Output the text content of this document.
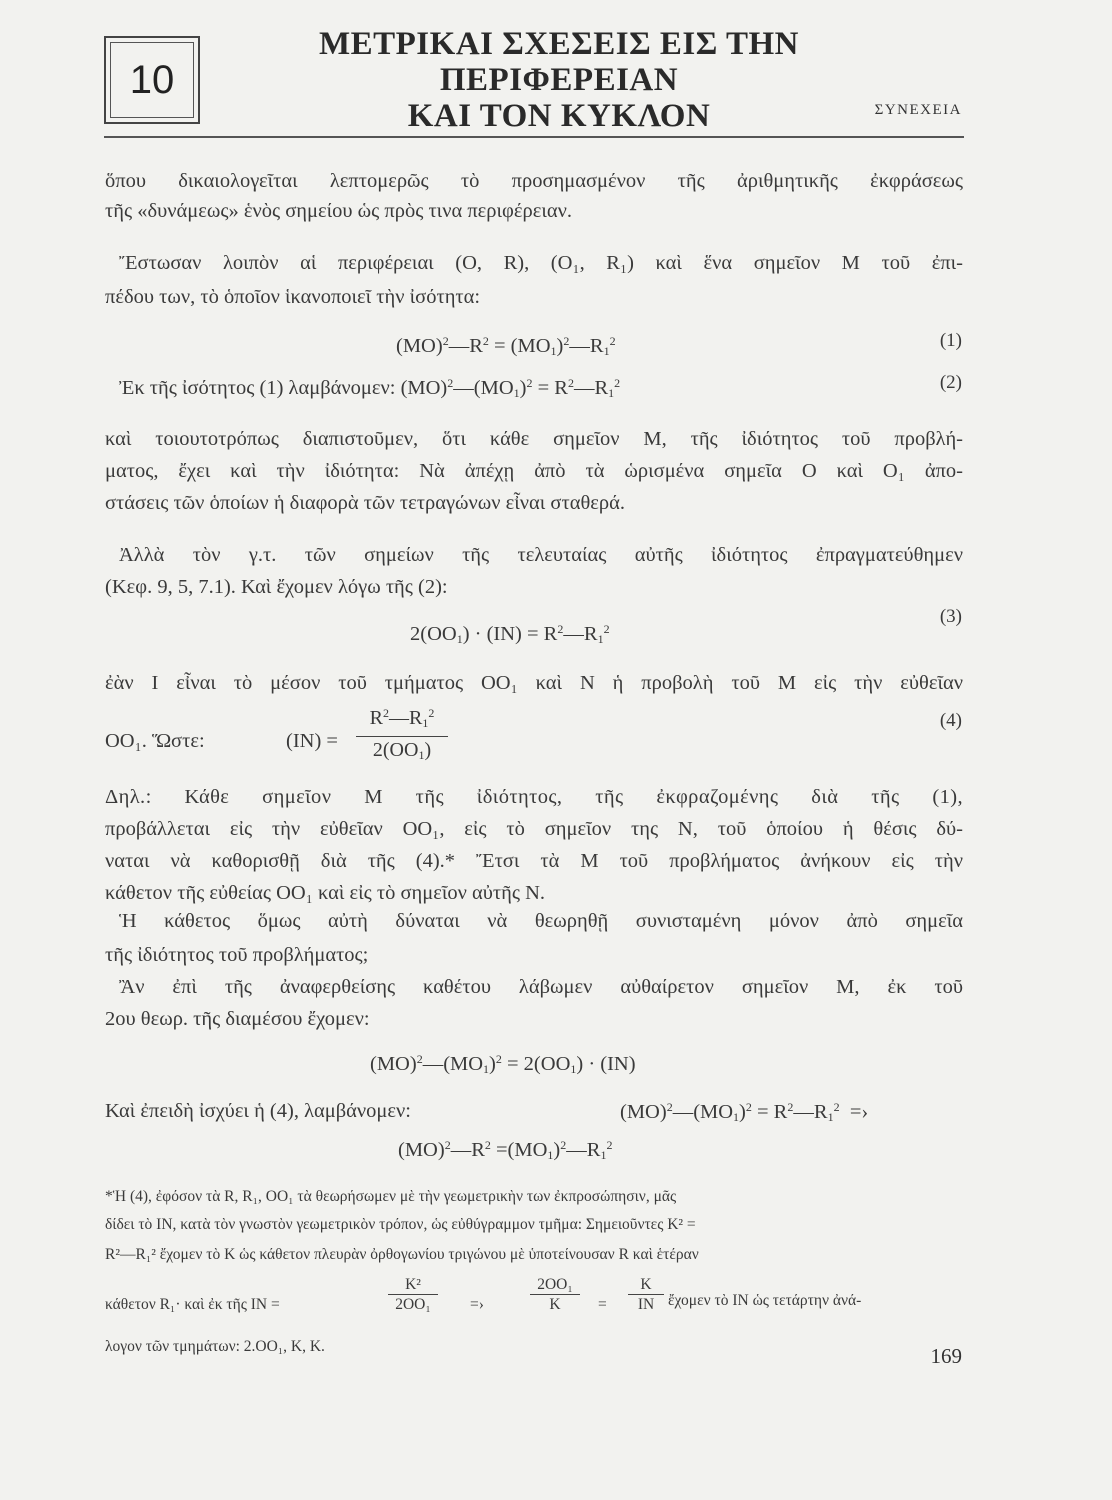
10
ΜΕΤΡΙΚΑΙ ΣΧΕΣΕΙΣ ΕΙΣ ΤΗΝ ΠΕΡΙΦΕΡΕΙΑΝ
ΚΑΙ ΤΟΝ ΚΥΚΛΟΝ	ΣΥΝΕΧΕΙΑ
ὅπου δικαιολογεῖται λεπτομερῶς τὸ προσημασμένον τῆς ἀριθμητικῆς ἐκφράσεως
τῆς «δυνάμεως» ἑνὸς σημείου ὡς πρὸς τινα περιφέρειαν.
Ἔστωσαν λοιπὸν αἱ περιφέρειαι (Ο, R), (Ο₁, R₁) καὶ ἕνα σημεῖον Μ τοῦ ἐπι-
πέδου των, τὸ ὁποῖον ἱκανοποιεῖ τὴν ἰσότητα:
$(MO)^2—R^2$ = $(MO_1)^2—R_1^2$	(1)
Ἐκ τῆς ἰσότητος (1) λαμβάνομεν: $(MO)^2—(MO_1)^2$ = $R^2—R_1^2$	(2)
καὶ τοιουτοτρόπως διαπιστοῦμεν, ὅτι κάθε σημεῖον Μ, τῆς ἰδιότητος τοῦ προβλή-
ματος, ἔχει καὶ τὴν ἰδιότητα: Νὰ ἀπέχῃ ἀπὸ τὰ ὡρισμένα σημεῖα Ο καὶ Ο₁ ἀπο-
στάσεις τῶν ὁποίων ἡ διαφορὰ τῶν τετραγώνων εἶναι σταθερά.
Ἀλλὰ τὸν γ.τ. τῶν σημείων τῆς τελευταίας αὐτῆς ἰδιότητος ἐπραγματεύθημεν
(Κεφ. 9, 5, 7.1). Καὶ ἔχομεν λόγω τῆς (2):
$2(OO_1) \cdot (IN)$ = $R^2—R_1^2$
(3)
ἐὰν Ι εἶναι τὸ μέσον τοῦ τμήματος ΟΟ₁ καὶ Ν ἡ προβολὴ τοῦ Μ εἰς τὴν εὐθεῖαν
ΟΟ₁. Ὥστε:	(ΙΝ) =
$R^2—R_1^2$
$2(OO_1)$
(4)
Δηλ.: Κάθε σημεῖον Μ τῆς ἰδιότητος, τῆς ἐκφραζομένης διὰ τῆς (1),
προβάλλεται εἰς τὴν εὐθεῖαν ΟΟ₁, εἰς τὸ σημεῖον της Ν, τοῦ ὁποίου ἡ θέσις δύ-
ναται νὰ καθορισθῇ διὰ τῆς (4).* Ἔτσι τὰ Μ τοῦ προβλήματος ἀνήκουν εἰς τὴν
κάθετον τῆς εὐθείας ΟΟ₁ καὶ εἰς τὸ σημεῖον αὐτῆς Ν.
Ἡ κάθετος ὅμως αὐτὴ δύναται νὰ θεωρηθῇ συνισταμένη μόνον ἀπὸ σημεῖα
τῆς ἰδιότητος τοῦ προβλήματος;
Ἂν ἐπὶ τῆς ἀναφερθείσης καθέτου λάβωμεν αὐθαίρετον σημεῖον Μ, ἐκ τοῦ
2ου θεωρ. τῆς διαμέσου ἔχομεν:
$(MO)^2—(MO_1)^2 = 2(OO_1) \cdot (IN)$
Καὶ ἐπειδὴ ἰσχύει ἡ (4), λαμβάνομεν:	$(MO)^2—(MO_1)^2$ = $R^2—R_1^2$  =›
$(MO)^2—R^2$ $=(MO_1)^2—R_1^2$
*Ἡ (4), ἐφόσον τὰ R, R₁, ΟΟ₁ τὰ θεωρήσωμεν μὲ τὴν γεωμετρικὴν των ἐκπροσώπησιν, μᾶς
δίδει τὸ ΙΝ, κατὰ τὸν γνωστὸν γεωμετρικὸν τρόπον, ὡς εὐθύγραμμον τμῆμα: Σημειοῦντες K² =
R²—R₁² ἔχομεν τὸ Κ ὡς κάθετον πλευρὰν ὀρθογωνίου τριγώνου μὲ ὑποτείνουσαν R καὶ ἑτέραν
κάθετον R₁· καὶ ἐκ τῆς ΙΝ =
K²
2ΟΟ₁	=›
2ΟΟ₁
K	=
K
ΙΝ ἔχομεν τὸ ΙΝ ὡς τετάρτην ἀνά-
λογον τῶν τμημάτων: 2.ΟΟ₁, Κ, Κ.	169
